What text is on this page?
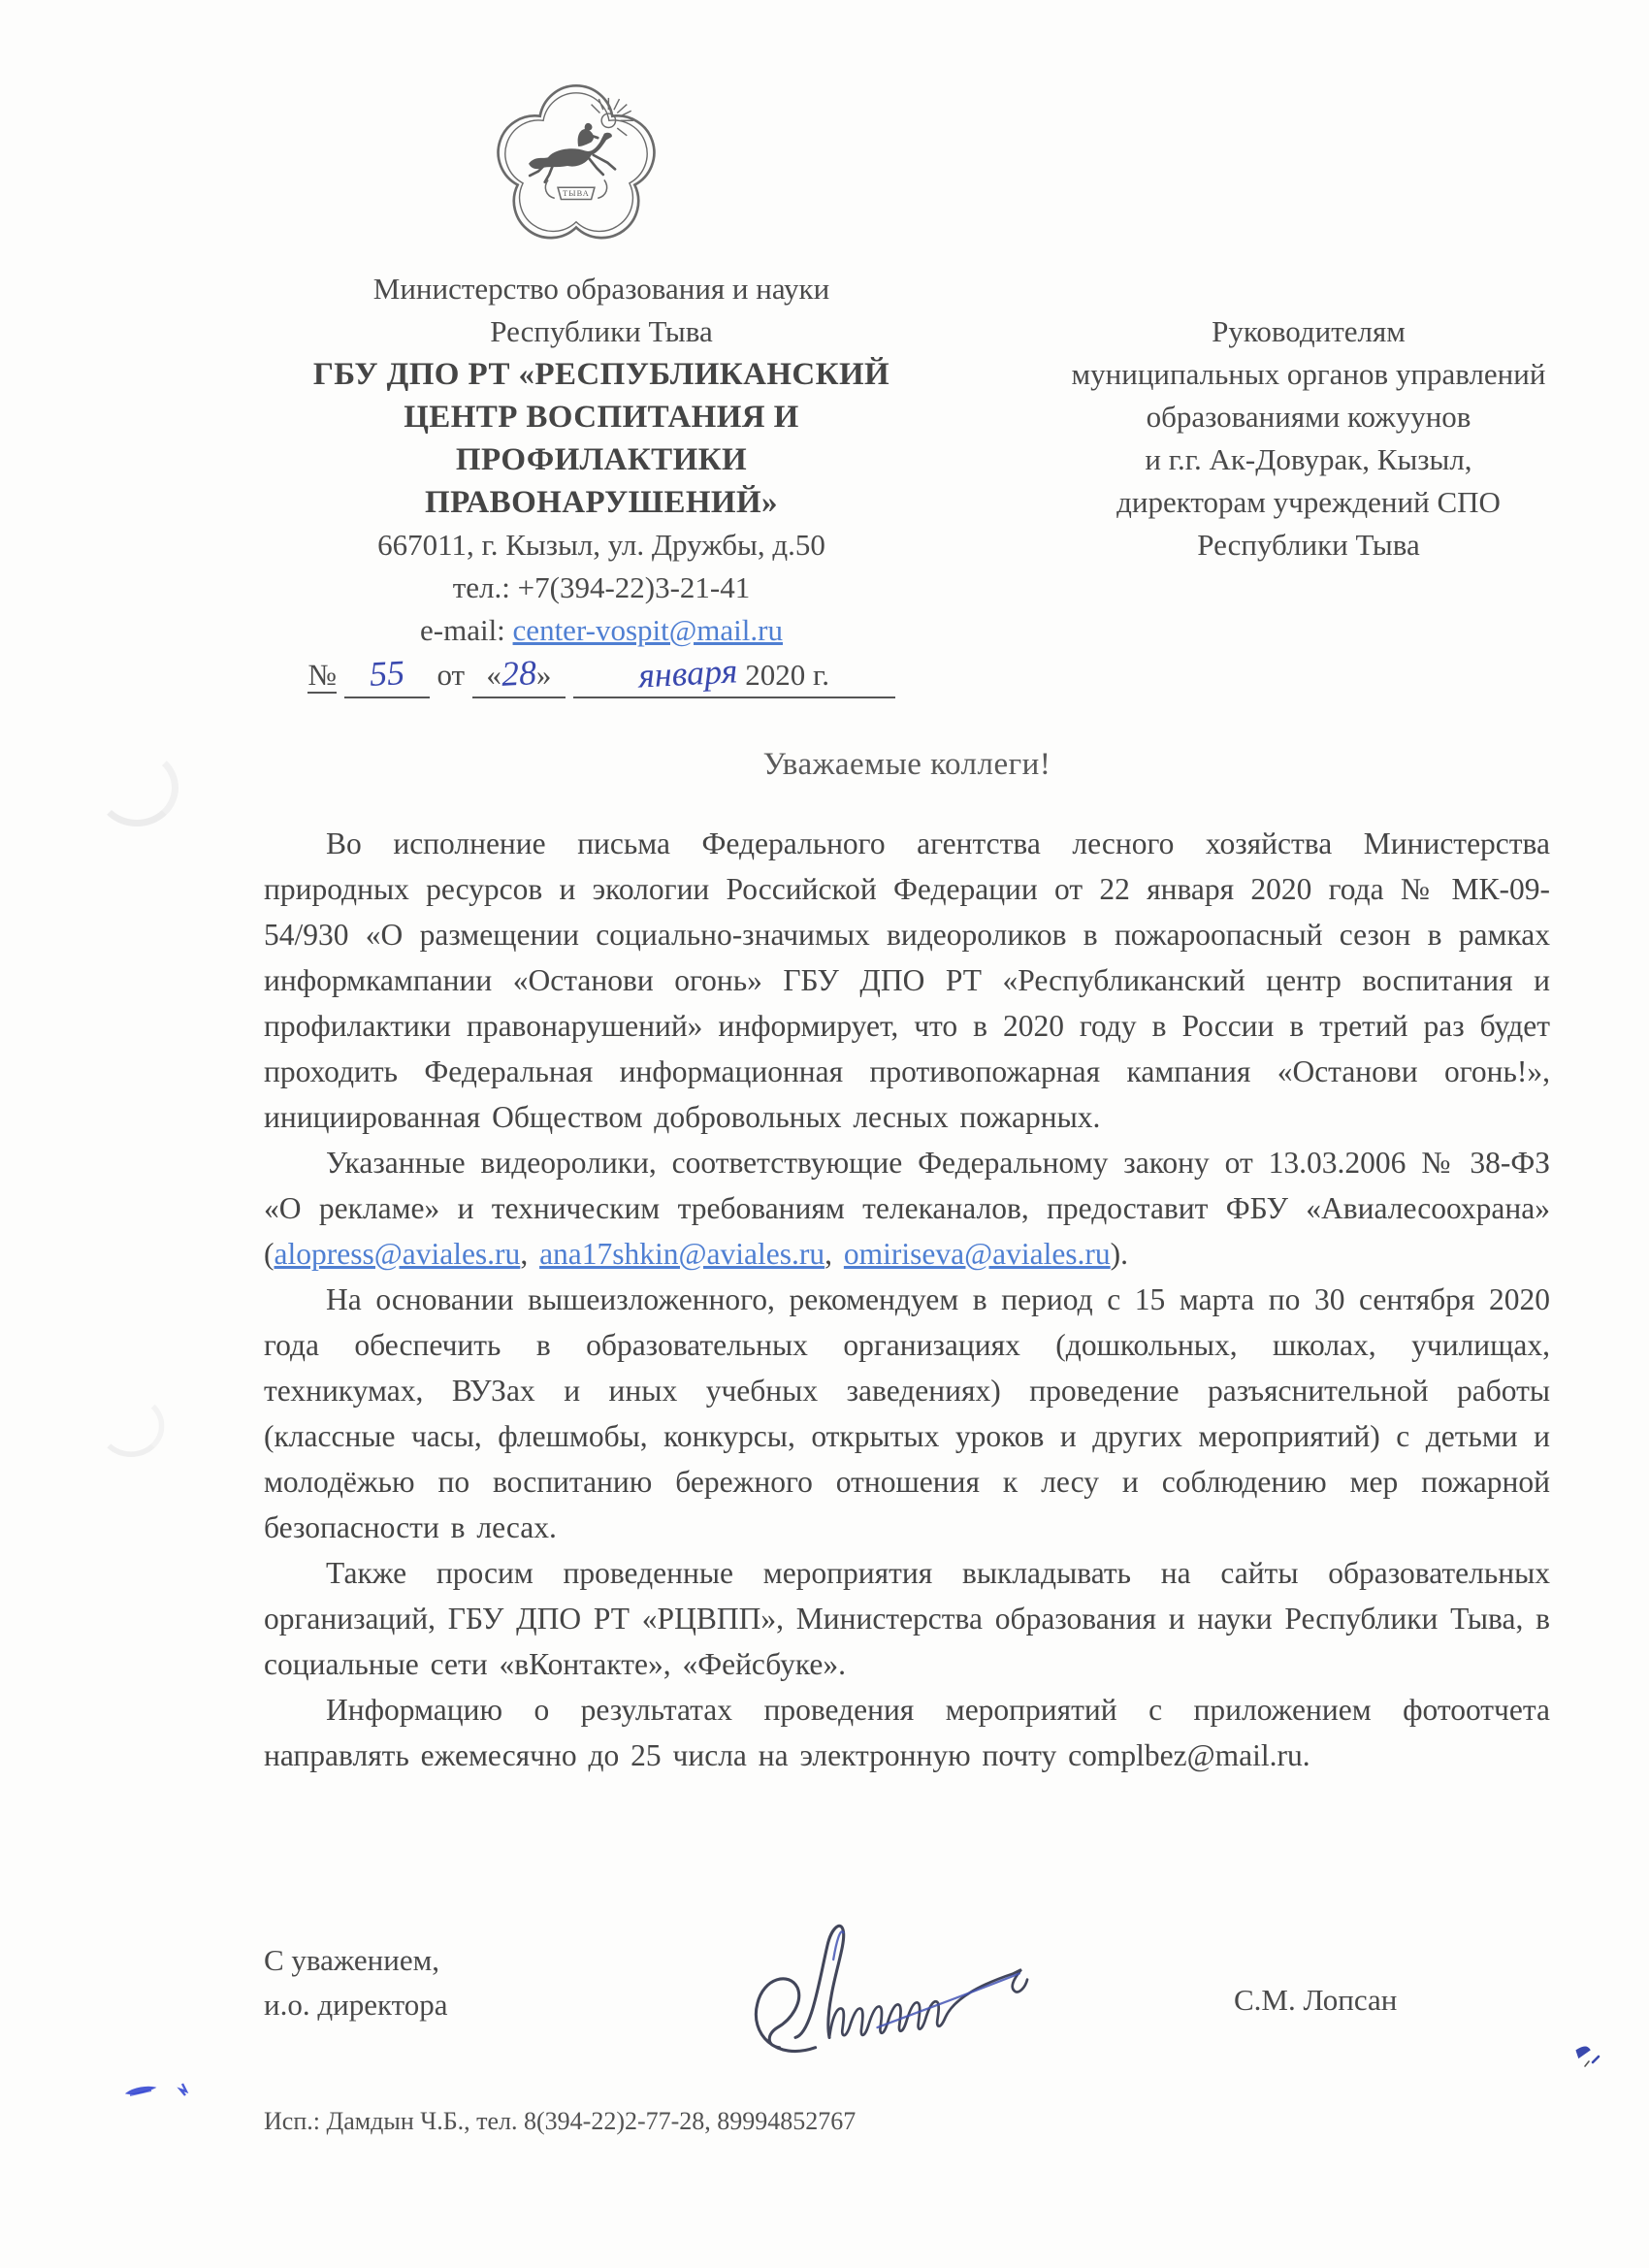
ТЫВА
Министерство образования и науки
Республики Тыва
ГБУ ДПО РТ «РЕСПУБЛИКАНСКИЙ
ЦЕНТР ВОСПИТАНИЯ И
ПРОФИЛАКТИКИ
ПРАВОНАРУШЕНИЙ»
667011, г. Кызыл, ул. Дружбы, д.50
тел.: +7(394-22)3-21-41
e-mail: center-vospit@mail.ru
№ 55 от «28» января 2020 г.
Руководителям
муниципальных органов управлений
образованиями кожуунов
и г.г. Ак-Довурак, Кызыл,
директорам учреждений СПО
Республики Тыва
Уважаемые коллеги!

Во исполнение письма Федерального агентства лесного хозяйства Министерства природных ресурсов и экологии Российской Федерации от 22 января 2020 года № МК-09-54/930 «О размещении социально-значимых видеороликов в пожароопасный сезон в рамках информкампании «Останови огонь» ГБУ ДПО РТ «Республиканский центр воспитания и профилактики правонарушений» информирует, что в 2020 году в России в третий раз будет проходить Федеральная информационная противопожарная кампания «Останови огонь!», инициированная Обществом добровольных лесных пожарных.

Указанные видеоролики, соответствующие Федеральному закону от 13.03.2006 № 38-ФЗ «О рекламе» и техническим требованиям телеканалов, предоставит ФБУ «Авиалесоохрана» (alopress@aviales.ru, ana17shkin@aviales.ru, omiriseva@aviales.ru).

На основании вышеизложенного, рекомендуем в период с 15 марта по 30 сентября 2020 года обеспечить в образовательных организациях (дошкольных, школах, училищах, техникумах, ВУЗах и иных учебных заведениях) проведение разъяснительной работы (классные часы, флешмобы, конкурсы, открытых уроков и других мероприятий) с детьми и молодёжью по воспитанию бережного отношения к лесу и соблюдению мер пожарной безопасности в лесах.

Также просим проведенные мероприятия выкладывать на сайты образовательных организаций, ГБУ ДПО РТ «РЦВПП», Министерства образования и науки Республики Тыва, в социальные сети «вКонтакте», «Фейсбуке».

Информацию о результатах проведения мероприятий с приложением фотоотчета направлять ежемесячно до 25 числа на электронную почту complbez@mail.ru.

С уважением,
и.о. директора	С.М. Лопсан
Исп.: Дамдын Ч.Б., тел. 8(394-22)2-77-28, 89994852767
